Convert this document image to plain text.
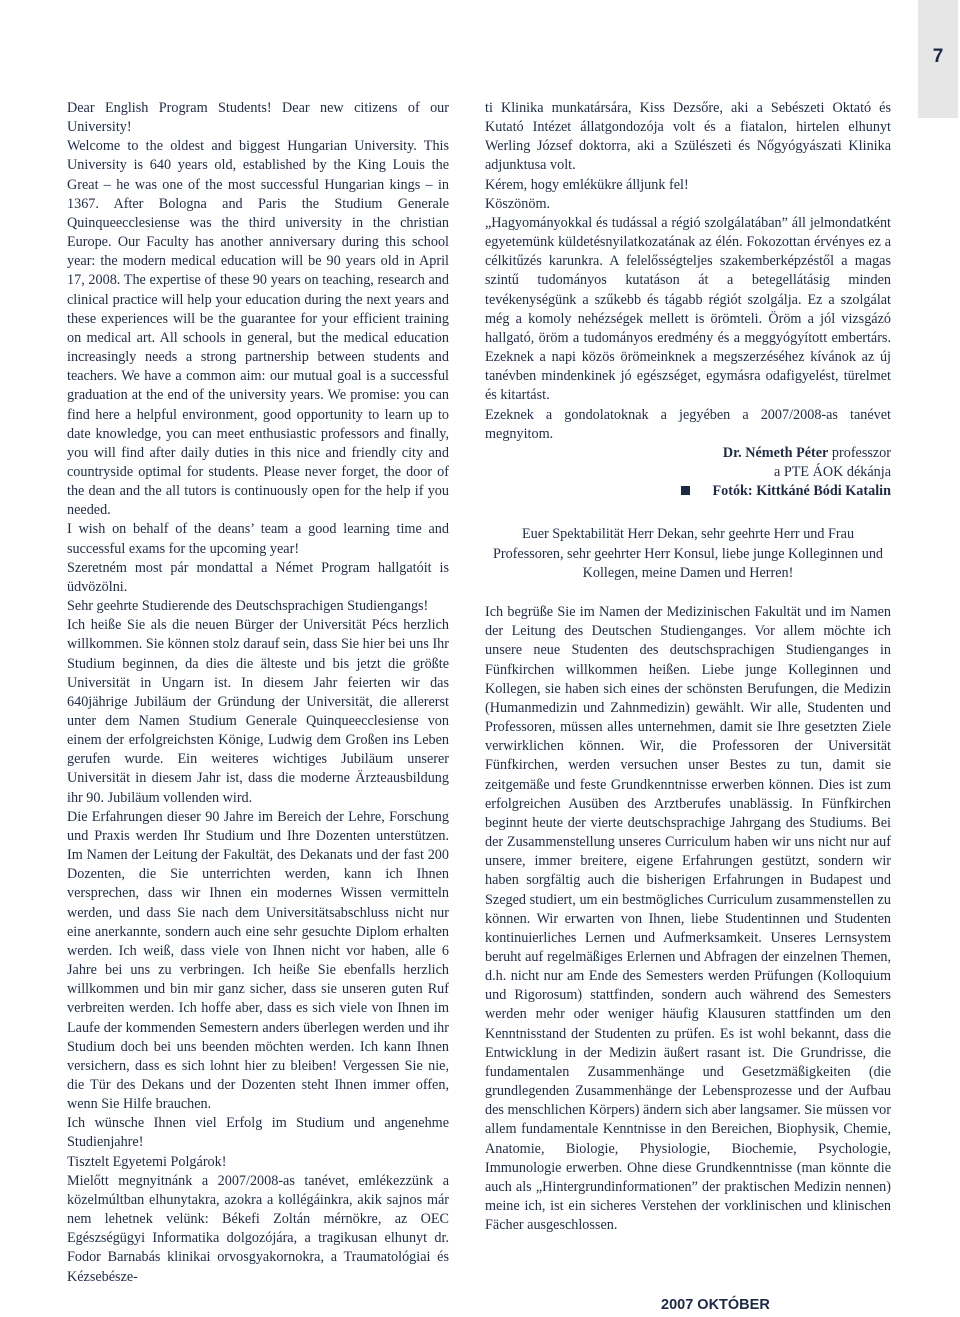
7

Dear English Program Students! Dear new citizens of our University!

Welcome to the oldest and biggest Hungarian University. This University is 640 years old, established by the King Louis the Great – he was one of the most successful Hungarian kings – in 1367. After Bologna and Paris the Studium Generale Quinqueecclesiense was the third university in the christian Europe. Our Faculty has another anniversary during this school year: the modern medical education will be 90 years old in April 17, 2008. The expertise of these 90 years on teaching, research and clinical practice will help your education during the next years and these experiences will be the guarantee for your efficient training on medical art. All schools in general, but the medical education increasingly needs a strong partnership between students and teachers. We have a common aim: our mutual goal is a successful graduation at the end of the university years. We promise: you can find here a helpful environment, good opportunity to learn up to date knowledge, you can meet enthusiastic professors and finally, you will find after daily duties in this nice and friendly city and countryside optimal for students. Please never forget, the door of the dean and the all tutors is continuously open for the help if you needed.

I wish on behalf of the deans’ team a good learning time and successful exams for the upcoming year!

Szeretném most pár mondattal a Német Program hallgatóit is üdvözölni.

Sehr geehrte Studierende des Deutschsprachigen Studiengangs!

Ich heiße Sie als die neuen Bürger der Universität Pécs herzlich willkommen. Sie können stolz darauf sein, dass Sie hier bei uns Ihr Studium beginnen, da dies die älteste und bis jetzt die größte Universität in Ungarn ist. In diesem Jahr feierten wir das 640jährige Jubiläum der Gründung der Universität, die allererst unter dem Namen Studium Generale Quinqueecclesiense von einem der erfolgreichsten Könige, Ludwig dem Großen ins Leben gerufen wurde. Ein weiteres wichtiges Jubiläum unserer Universität in diesem Jahr ist, dass die moderne Ärzteausbildung ihr 90. Jubiläum vollenden wird.

Die Erfahrungen dieser 90 Jahre im Bereich der Lehre, Forschung und Praxis werden Ihr Studium und Ihre Dozenten unterstützen. Im Namen der Leitung der Fakultät, des Dekanats und der fast 200 Dozenten, die Sie unterrichten werden, kann ich Ihnen versprechen, dass wir Ihnen ein modernes Wissen vermitteln werden, und dass Sie nach dem Universitätsabschluss nicht nur eine anerkannte, sondern auch eine sehr gesuchte Diplom erhalten werden. Ich weiß, dass viele von Ihnen nicht vor haben, alle 6 Jahre bei uns zu verbringen. Ich heiße Sie ebenfalls herzlich willkommen und bin mir ganz sicher, dass sie unseren guten Ruf verbreiten werden. Ich hoffe aber, dass es sich viele von Ihnen im Laufe der kommenden Semestern anders überlegen werden und ihr Studium doch bei uns beenden möchten werden. Ich kann Ihnen versichern, dass es sich lohnt hier zu bleiben! Vergessen Sie nie, die Tür des Dekans und der Dozenten steht Ihnen immer offen, wenn Sie Hilfe brauchen.

Ich wünsche Ihnen viel Erfolg im Studium und angenehme Studienjahre!

Tisztelt Egyetemi Polgárok!

Mielőtt megnyitnánk a 2007/2008-as tanévet, emlékezzünk a közelmúltban elhunytakra, azokra a kollégáinkra, akik sajnos már nem lehetnek velünk: Békefi Zoltán mérnökre, az OEC Egészségügyi Informatika dolgozójára, a tragikusan elhunyt dr. Fodor Barnabás klinikai orvosgyakornokra, a Traumatológiai és Kézsebésze-

ti Klinika munkatársára, Kiss Dezsőre, aki a Sebészeti Oktató és Kutató Intézet állatgondozója volt és a fiatalon, hirtelen elhunyt Werling József doktorra, aki a Szülészeti és Nőgyógyászati Klinika adjunktusa volt.

Kérem, hogy emlékükre álljunk fel!

Köszönöm.

„Hagyományokkal és tudással a régió szolgálatában” áll jelmondatként egyetemünk küldetésnyilatkozatának az élén. Fokozottan érvényes ez a célkitűzés karunkra. A felelősségteljes szakemberképzéstől a magas szintű tudományos kutatáson át a betegellátásig minden tevékenységünk a szűkebb és tágabb régiót szolgálja. Ez a szolgálat még a komoly nehézségek mellett is örömteli. Öröm a jól vizsgázó hallgató, öröm a tudományos eredmény és a meggyógyított embertárs. Ezeknek a napi közös örömeinknek a megszerzéséhez kívánok az új tanévben mindenkinek jó egészséget, egymásra odafigyelést, türelmet és kitartást.

Ezeknek a gondolatoknak a jegyében a 2007/2008-as tanévet megnyitom.

Dr. Németh Péter professzor

a PTE ÁOK dékánja

Fotók: Kittkáné Bódi Katalin

Euer Spektabilität Herr Dekan, sehr geehrte Herr und Frau Professoren, sehr geehrter Herr Konsul, liebe junge Kolleginnen und Kollegen, meine Damen und Herren!

Ich begrüße Sie im Namen der Medizinischen Fakultät und im Namen der Leitung des Deutschen Studienganges. Vor allem möchte ich unsere neue Studenten des deutschsprachigen Studienganges in Fünfkirchen willkommen heißen. Liebe junge Kolleginnen und Kollegen, sie haben sich eines der schönsten Berufungen, die Medizin (Humanmedizin und Zahnmedizin) gewählt. Wir alle, Studenten und Professoren, müssen alles unternehmen, damit sie Ihre gesetzten Ziele verwirklichen können. Wir, die Professoren der Universität Fünfkirchen, werden versuchen unser Bestes zu tun, damit sie zeitgemäße und feste Grundkenntnisse erwerben können. Dies ist zum erfolgreichen Ausüben des Arztberufes unablässig. In Fünfkirchen beginnt heute der vierte deutschsprachige Jahrgang des Studiums. Bei der Zusammenstellung unseres Curriculum haben wir uns nicht nur auf unsere, immer breitere, eigene Erfahrungen gestützt, sondern wir haben sorgfältig auch die bisherigen Erfahrungen in Budapest und Szeged studiert, um ein bestmögliches Curriculum zusammenstellen zu können. Wir erwarten von Ihnen, liebe Studentinnen und Studenten kontinuierliches Lernen und Aufmerksamkeit. Unseres Lernsystem beruht auf regelmäßiges Erlernen und Abfragen der einzelnen Themen, d.h. nicht nur am Ende des Semesters werden Prüfungen (Kolloquium und Rigorosum) stattfinden, sondern auch während des Semesters werden mehr oder weniger häufig Klausuren stattfinden um den Kenntnisstand der Studenten zu prüfen. Es ist wohl bekannt, dass die Entwicklung in der Medizin äußert rasant ist. Die Grundrisse, die fundamentalen Zusammenhänge und Gesetzmäßigkeiten (die grundlegenden Zusammenhänge der Lebensprozesse und der Aufbau des menschlichen Körpers) ändern sich aber langsamer. Sie müssen vor allem fundamentale Kenntnisse in den Bereichen, Biophysik, Chemie, Anatomie, Biologie, Physiologie, Biochemie, Psychologie, Immunologie erwerben. Ohne diese Grundkenntnisse (man könnte die auch als „Hintergrundinformationen” der praktischen Medizin nennen) meine ich, ist ein sicheres Verstehen der vorklinischen und klinischen Fächer ausgeschlossen.

2007 OKTÓBER
